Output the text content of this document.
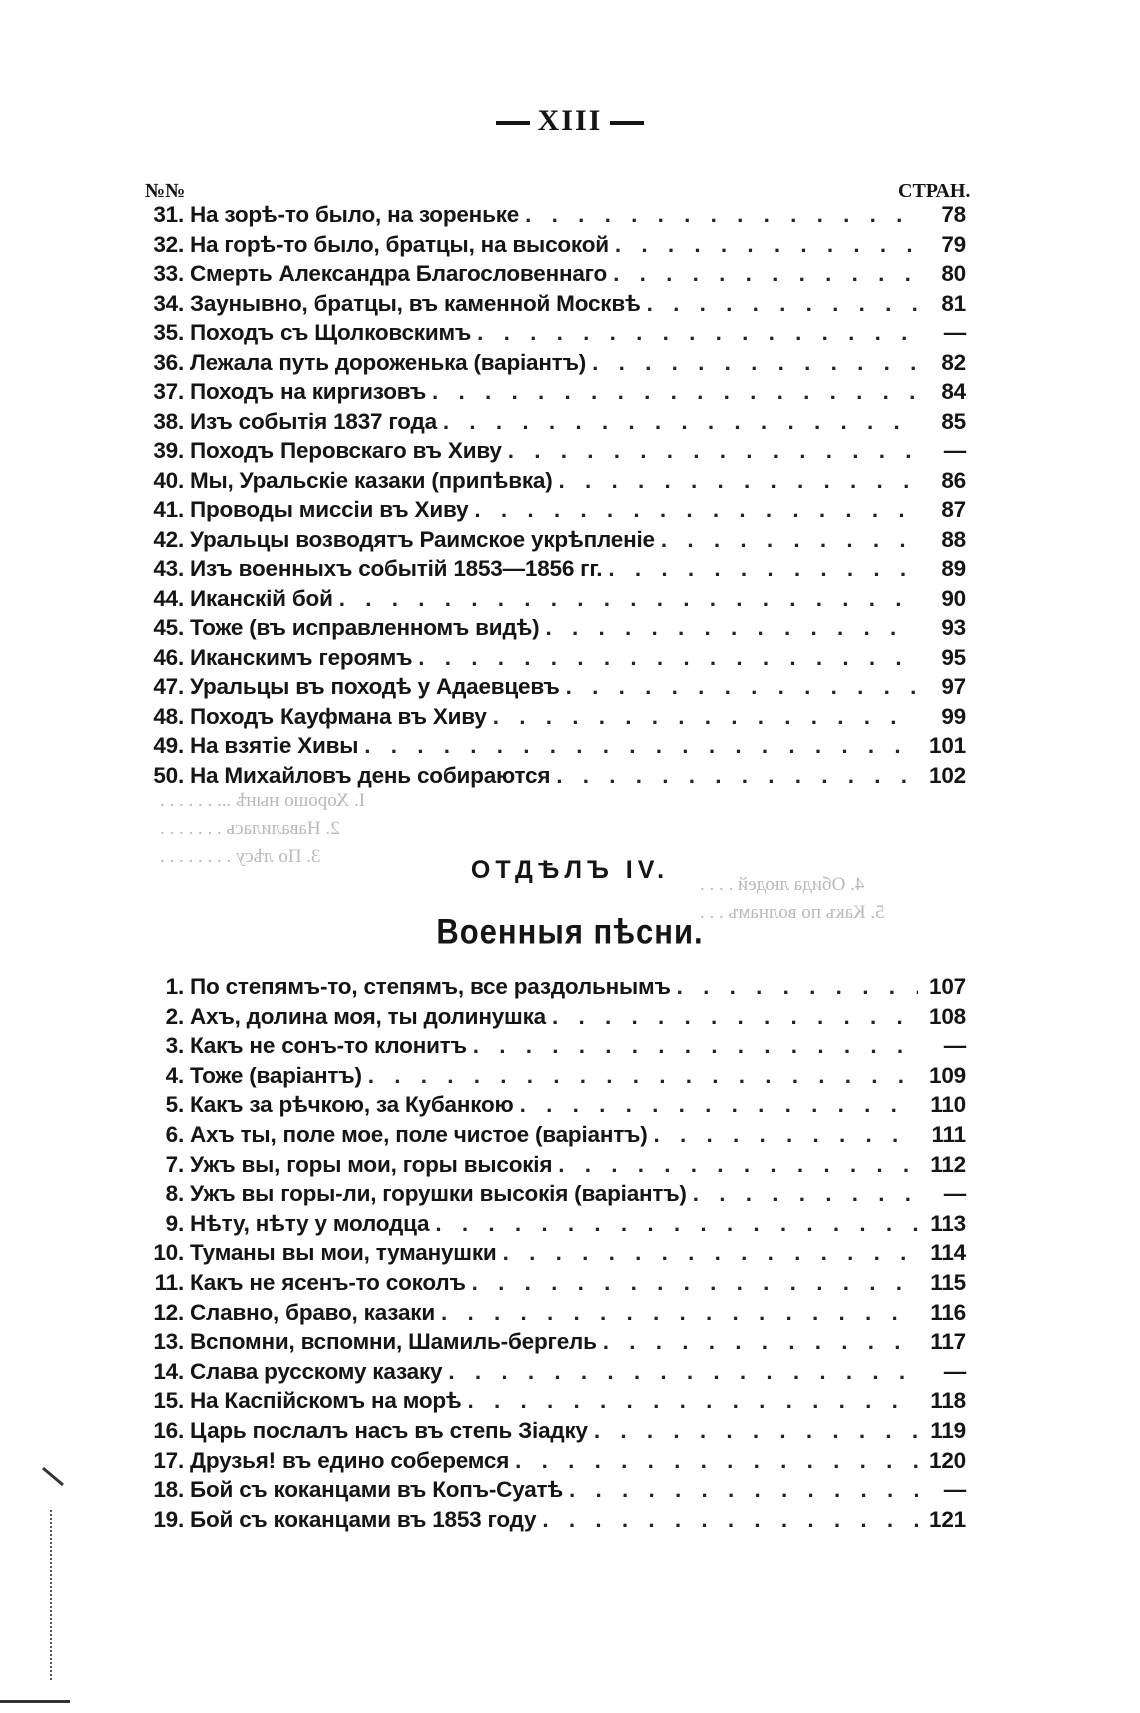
I. Хорошо нынѣ ... . . . . . .
2. Навалилась . . . . . . .
3. По лѣсу . . . . . . . .
4. Обида людей . . . .
5. Какъ по волнамъ . . .
XIII
№№	СТРАН.
31. На зорѣ-то было, на зореньке . . .	78
32. На горѣ-то было, братцы, на высокой . . .	79
33. Смерть Александра Благословеннаго . . .	80
34. Заунывно, братцы, въ каменной Москвѣ . . .	81
35. Походъ съ Щолковскимъ . . .	—
36. Лежала путь дороженька (варіантъ) . . .	82
37. Походъ на киргизовъ . . .	84
38. Изъ событія 1837 года . . .	85
39. Походъ Перовскаго въ Хиву . . .	—
40. Мы, Уральскіе казаки (припѣвка) . . .	86
41. Проводы миссіи въ Хиву . . .	87
42. Уральцы возводятъ Раимское укрѣпленіе . . .	88
43. Изъ военныхъ событій 1853—1856 гг. . . .	89
44. Иканскій бой . . .	90
45. Тоже (въ исправленномъ видѣ) . . .	93
46. Иканскимъ героямъ . . .	95
47. Уральцы въ походѣ у Адаевцевъ . . .	97
48. Походъ Кауфмана въ Хиву . . .	99
49. На взятіе Хивы . . .	101
50. На Михайловъ день собираются . . .	102
ОТДѢЛЪ IV.
Военныя пѣсни.
1. По степямъ-то, степямъ, все раздольнымъ . . .	107
2. Ахъ, долина моя, ты долинушка . . .	108
3. Какъ не сонъ-то клонитъ . . .	—
4. Тоже (варіантъ) . . .	109
5. Какъ за рѣчкою, за Кубанкою . . .	110
6. Ахъ ты, поле мое, поле чистое (варіантъ) . . .	111
7. Ужъ вы, горы мои, горы высокія . . .	112
8. Ужъ вы горы-ли, горушки высокія (варіантъ) . . .	—
9. Нѣту, нѣту у молодца . . .	113
10. Туманы вы мои, туманушки . . .	114
11. Какъ не ясенъ-то соколъ . . .	115
12. Славно, браво, казаки . . .	116
13. Вспомни, вспомни, Шамиль-бергель . . .	117
14. Слава русскому казаку . . .	—
15. На Каспійскомъ на морѣ . . .	118
16. Царь послалъ насъ въ степь Зіадку . . .	119
17. Друзья! въ едино соберемся . . .	120
18. Бой съ коканцами въ Копъ-Суатѣ . . .	—
19. Бой съ коканцами въ 1853 году . . .	121
